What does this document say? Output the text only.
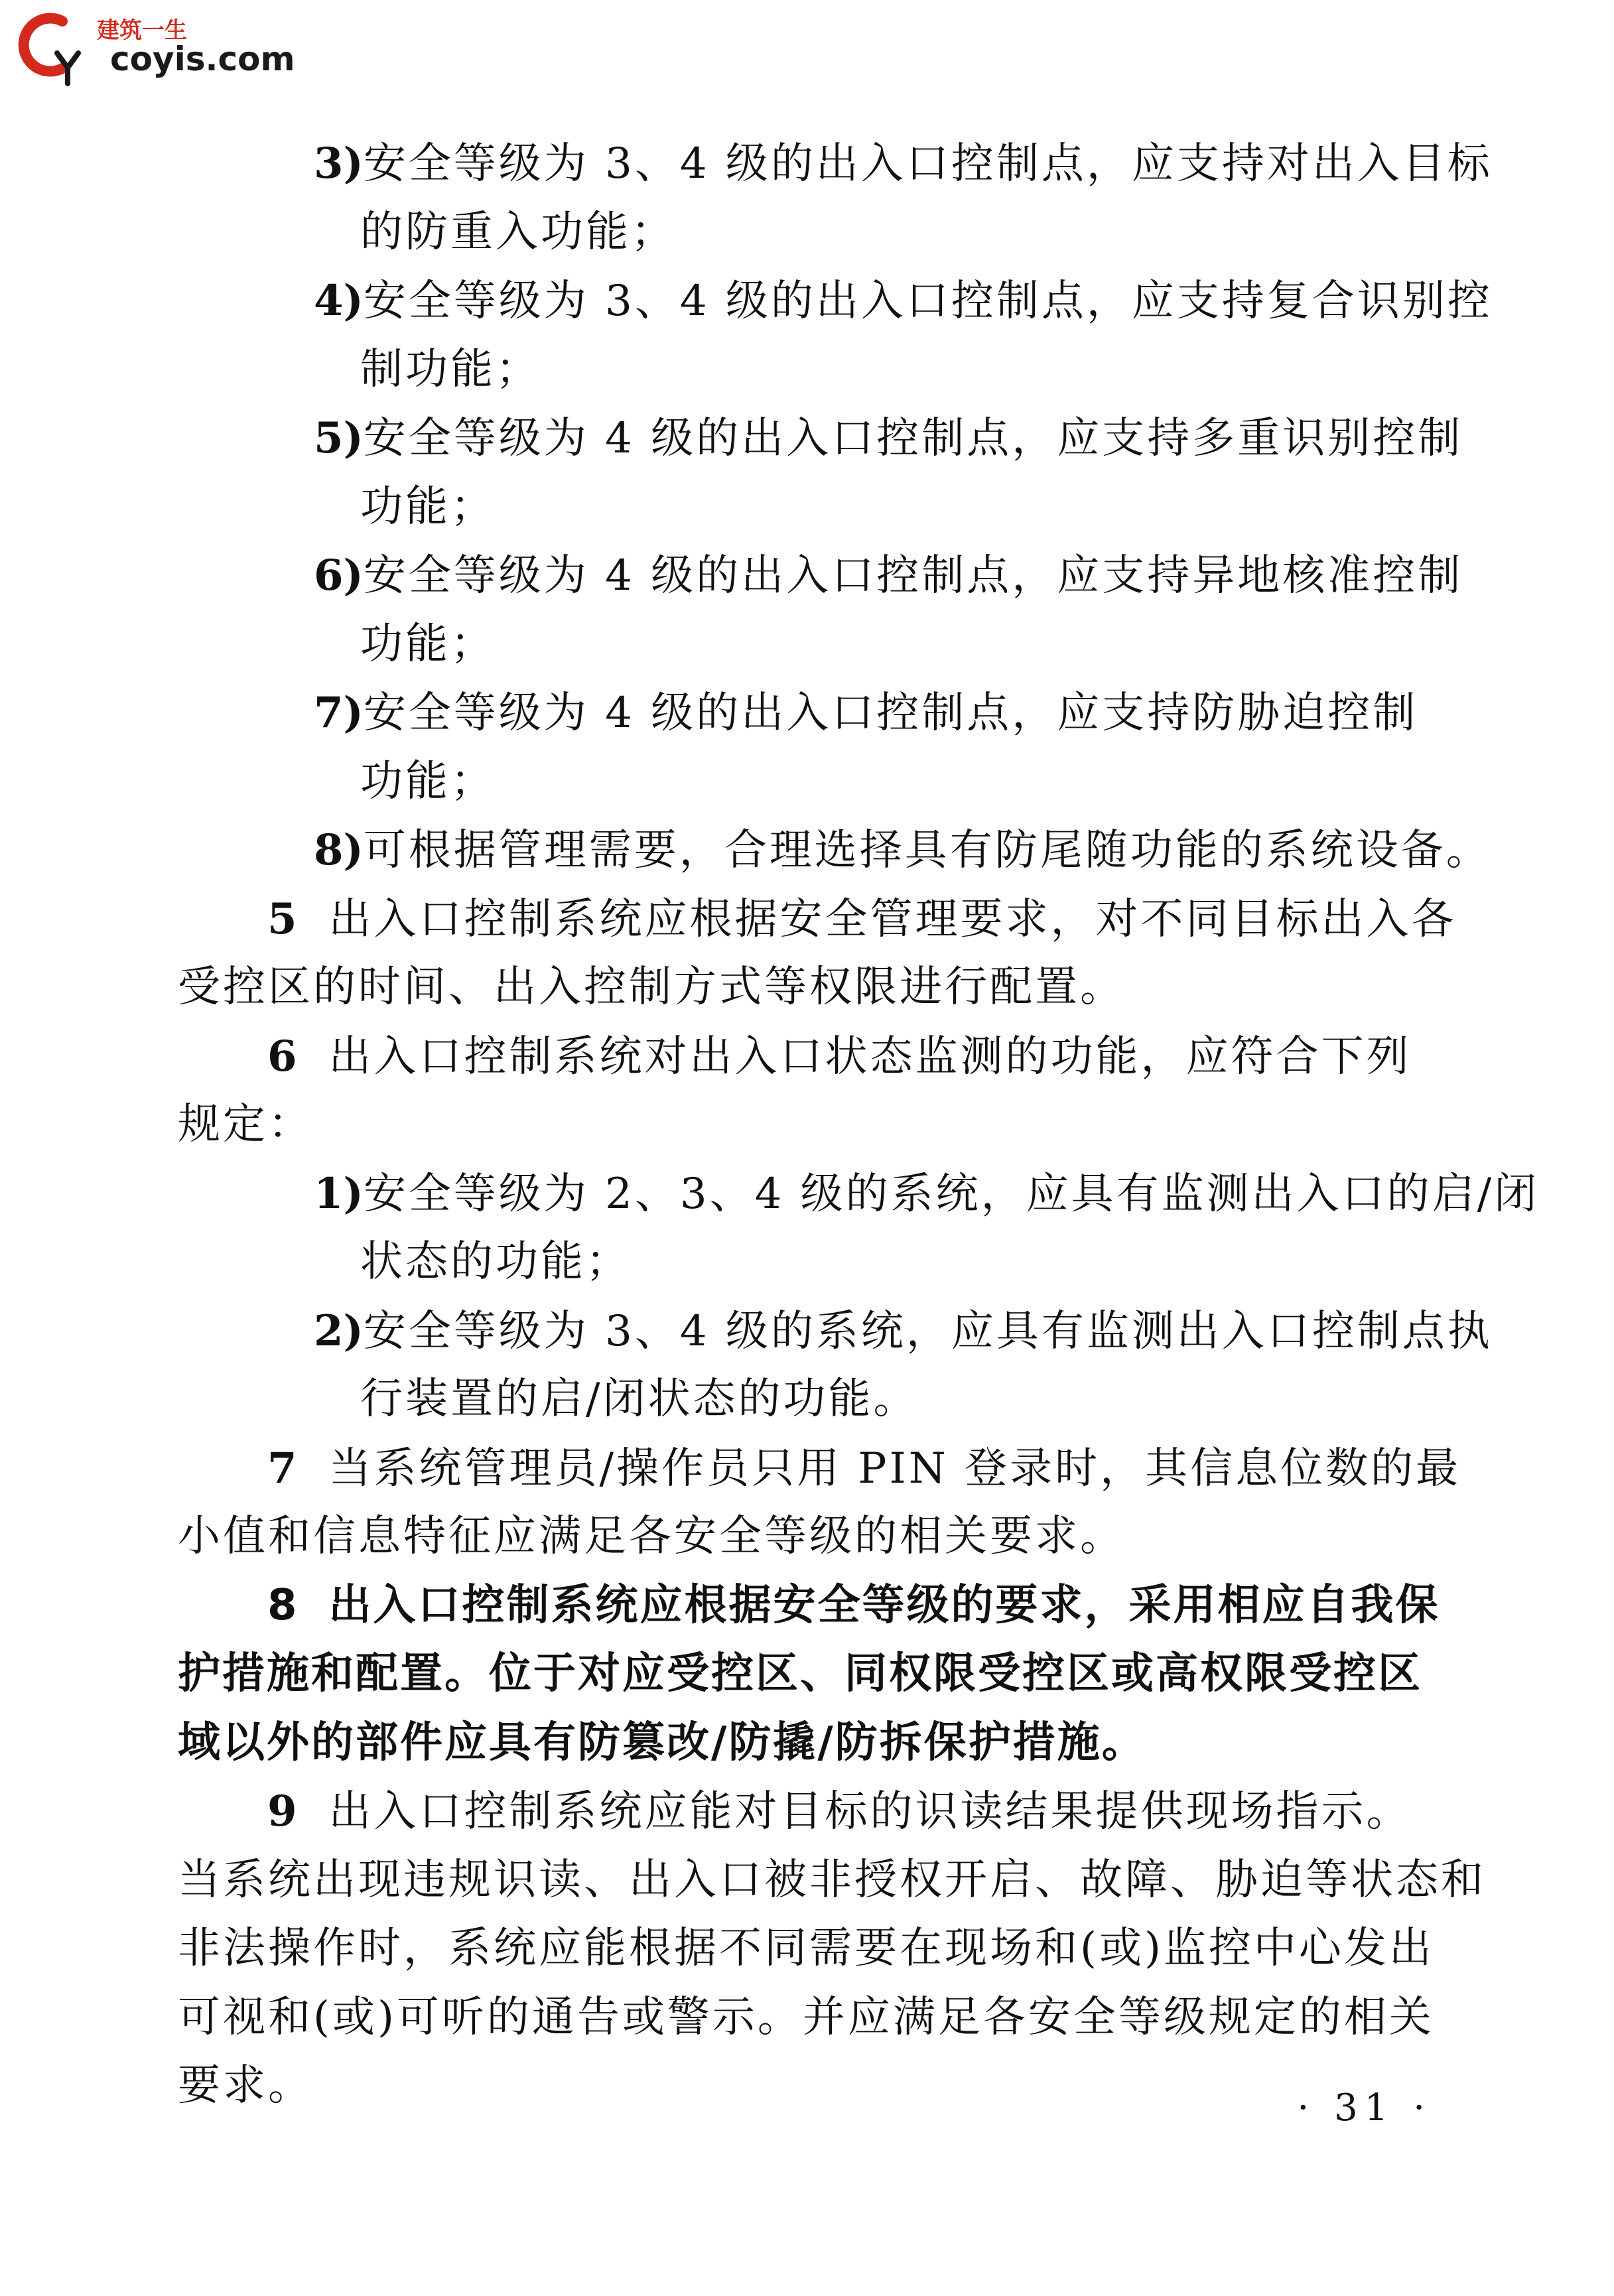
建筑一生
coyis.com
3)安全等级为 3、4 级的出入口控制点，应支持对出入目标
的防重入功能；
4)安全等级为 3、4 级的出入口控制点，应支持复合识别控
制功能；
5)安全等级为 4 级的出入口控制点，应支持多重识别控制
功能；
6)安全等级为 4 级的出入口控制点，应支持异地核准控制
功能；
7)安全等级为 4 级的出入口控制点，应支持防胁迫控制
功能；
8)可根据管理需要，合理选择具有防尾随功能的系统设备。
5 出入口控制系统应根据安全管理要求，对不同目标出入各
受控区的时间、出入控制方式等权限进行配置。
6 出入口控制系统对出入口状态监测的功能，应符合下列
规定：
1)安全等级为 2、3、4 级的系统，应具有监测出入口的启/闭
状态的功能；
2)安全等级为 3、4 级的系统，应具有监测出入口控制点执
行装置的启/闭状态的功能。
7 当系统管理员/操作员只用 PIN 登录时，其信息位数的最
小值和信息特征应满足各安全等级的相关要求。
8 出入口控制系统应根据安全等级的要求，采用相应自我保
护措施和配置。位于对应受控区、同权限受控区或高权限受控区
域以外的部件应具有防篡改/防撬/防拆保护措施。
9 出入口控制系统应能对目标的识读结果提供现场指示。
当系统出现违规识读、出入口被非授权开启、故障、胁迫等状态和
非法操作时，系统应能根据不同需要在现场和(或)监控中心发出
可视和(或)可听的通告或警示。并应满足各安全等级规定的相关
要求。	· 31 ·
